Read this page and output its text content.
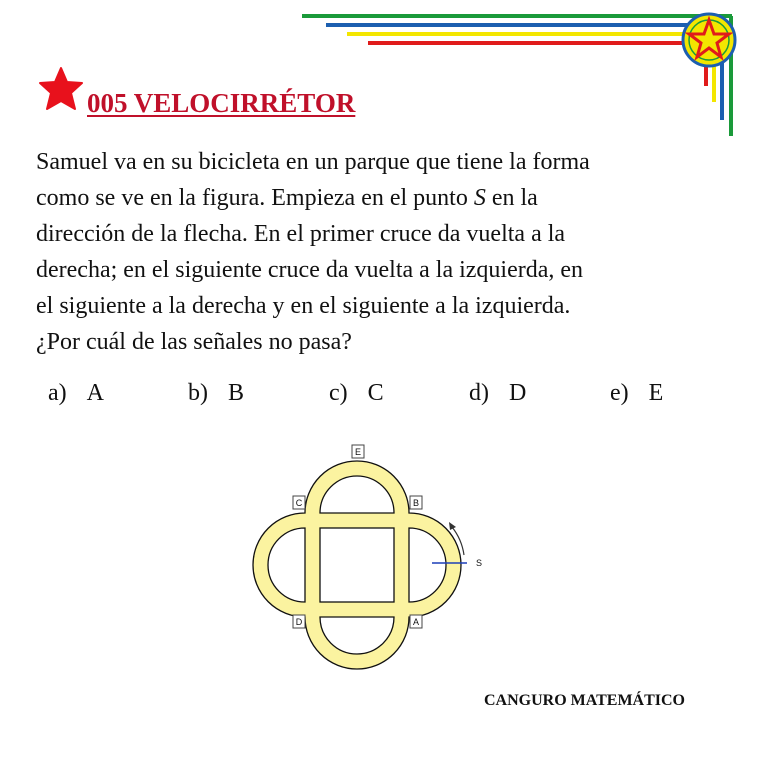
005 VELOCIRRÉTOR

Samuel va en su bicicleta en un parque que tiene la forma
como se ve en la figura. Empieza en el punto S en la
dirección de la flecha. En el primer cruce da vuelta a la
derecha; en el siguiente cruce da vuelta a la izquierda, en
el siguiente a la derecha y en el siguiente a la izquierda.
¿Por cuál de las señales no pasa?

a) A	b) B	c) C	d) D	e) E
E
C	B
D	A
S
CANGURO MATEMÁTICO
